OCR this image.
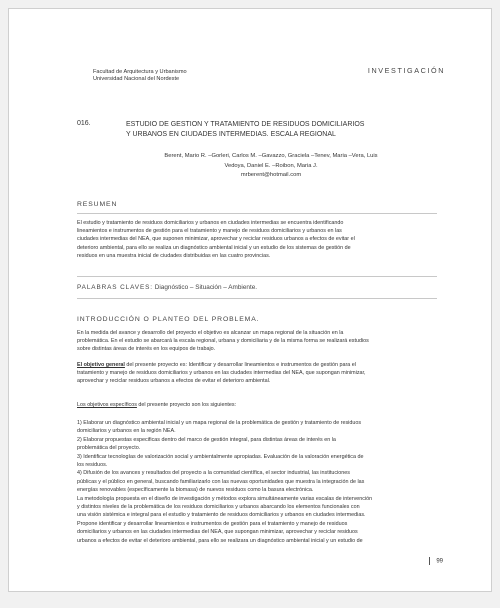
Facultad de Arquitectura y Urbanismo
Universidad Nacional del Nordeste
INVESTIGACIÓN
016.	ESTUDIO DE GESTION Y TRATAMIENTO DE RESIDUOS DOMICILIARIOS
Y URBANOS EN CIUDADES INTERMEDIAS. ESCALA REGIONAL
Berent, Mario R. –Gorleri, Carlos M. –Gavazzo, Graciela –Tenev, Maria –Vera, Luis
Vedoya, Daniel E. –Roibon, Maria J.
mrberent@hotmail.com
RESUMEN
El estudio y tratamiento de residuos domiciliarios y urbanos en ciudades intermedias se encuentra identificando
lineamientos e instrumentos de gestión para el tratamiento y manejo de residuos domiciliarios y urbanos en las
ciudades intermedias del NEA, que suponen minimizar, aprovechar y reciclar residuos urbanos a efectos de evitar el
deterioro ambiental, para ello se realiza un diagnóstico ambiental inicial y un estudio de los sistemas de gestión de
residuos en una muestra inicial de ciudades distribuidas en las cuatro provincias.
PALABRAS CLAVES: Diagnóstico – Situación – Ambiente.
INTRODUCCIÓN O PLANTEO DEL PROBLEMA.
En la medida del avance y desarrollo del proyecto el objetivo es alcanzar un mapa regional de la situación en la
problemática. En el estudio se abarcará la escala regional, urbana y domiciliaria y de la misma forma se realizará estudios
sobre distintas áreas de interés en los equipos de trabajo.
El objetivo general del presente proyecto es: Identificar y desarrollar lineamientos e instrumentos de gestión para el
tratamiento y manejo de residuos domiciliarios y urbanos en las ciudades intermedias del NEA, que supongan minimizar,
aprovechar y reciclar residuos urbanos a efectos de evitar el deterioro ambiental.
Los objetivos específicos del presente proyecto son los siguientes:
1) Elaborar un diagnóstico ambiental inicial y un mapa regional de la problemática de gestión y tratamiento de residuos
domiciliarios y urbanos en la región NEA.
2) Elaborar propuestas especificas dentro del marco de gestión integral, para distintas áreas de interés en la
problemática del proyecto.
3) Identificar tecnologías de valorización social y ambientalmente apropiadas. Evaluación de la valoración energética de
los residuos.
4) Difusión de los avances y resultados del proyecto a la comunidad científica, el sector industrial, las instituciones
públicas y el público en general, buscando familiarizarlo con las nuevas oportunidades que muestra la integración de las
energías renovables (específicamente la biomasa) de nuevos residuos como la basura electrónica.
La metodología propuesta en el diseño de investigación y métodos explora simultáneamente varias escalas de intervención
y distintos niveles de la problemática de los residuos domiciliarios y urbanos abarcando los elementos funcionales con
una visión sistémica e integral para el estudio y tratamiento de residuos domiciliarios y urbanos en ciudades intermedias.
Propone identificar y desarrollar lineamientos e instrumentos de gestión para el tratamiento y manejo de residuos
domiciliarios y urbanos en las ciudades intermedias del NEA, que supongan minimizar, aprovechar y reciclar residuos
urbanos a efectos de evitar el deterioro ambiental, para ello se realizara un diagnóstico ambiental inicial y un estudio de
99
